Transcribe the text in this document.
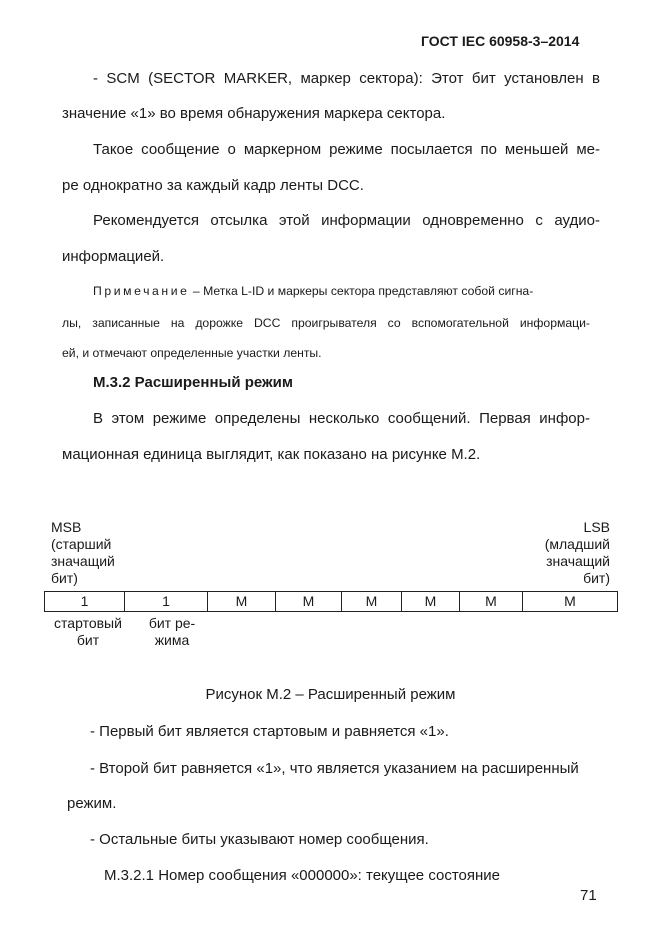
ГОСТ IEC 60958-3–2014
- SCM (SECTOR MARKER, маркер сектора): Этот бит установлен в
значение «1» во время обнаружения маркера сектора.
Такое сообщение о маркерном режиме посылается по меньшей ме-
ре однократно за каждый кадр ленты DCC.
Рекомендуется отсылка этой информации одновременно с аудио-
информацией.
Примечание – Метка L-ID и маркеры сектора представляют собой сигна-
лы, записанные на дорожке DCC проигрывателя со вспомогательной информаци-
ей, и отмечают определенные участки ленты.
М.3.2 Расширенный режим
В этом режиме определены несколько сообщений. Первая инфор-
мационная единица выглядит, как показано на рисунке М.2.
MSB
(старший
значащий
бит)
LSB
(младший
значащий
бит)
1	1	M	M	M	M	M	M
стартовый
бит
бит ре-
жима
Рисунок М.2 – Расширенный режим
- Первый бит является стартовым и равняется «1».
- Второй бит равняется «1», что является указанием на расширенный
режим.
- Остальные биты указывают номер сообщения.
М.3.2.1 Номер сообщения «000000»: текущее состояние
71
